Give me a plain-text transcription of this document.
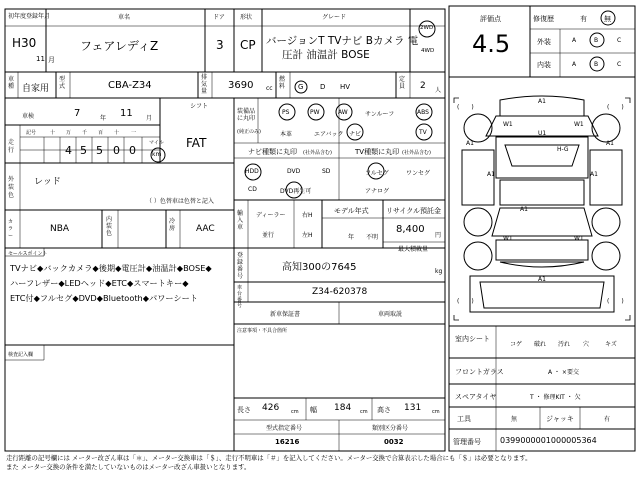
初年度登録年月
H30
11 月
車名
フェアレディZ
ドア
3
形状
CP
グレード
バージョンT TVナビ Bカメラ 電
圧計 油温計 BOSE
2WD
4WD
車種 自家用
型式	CBA-Z34
排気量
3690 cc
燃料	G D HV
定員	2 人
車検	7	年 11 月
シフト
FAT
走行
記号	十 万 千 百 十 一
4 5 5 0 0
マイル
km
外装色
レッド
（ ）色替車は色替と記入
カラー
NBA
内装色
冷房	AAC
セールスポイント
TVナビ◆バックカメラ◆後期◆電圧計◆油温計◆BOSE◆
ハーフレザー◆LEDヘッド◆ETC◆スマートキー◆
ETC付◆フルセグ◆DVD◆Bluetooth◆パワーシート
検査記入欄
装備品に丸印
(純正のみ)
PS	PW	AW	サンルーフ	ABS
本革	エアバック ナビ	TV
ナビ種類に丸印 (社外品含む)
HDD	DVD	SD
CD	DVD再生可
TV種類に丸印 (社外品含む)
フルセグ	ワンセグ
アナログ
輸入車
ディーラー
並行
右H
左H
モデル年式
年 不明
リサイクル預託金
8,400
円
最大積載量
kg
登録番号
高知300の7645
車台番号
Z34-620378
新車保証書	車両取説
注意事項・不具合箇所
長さ 426 cm 幅 184 cm 高さ 131 cm
型式指定番号
16216
類別区分番号
0032
評価点
4.5
修復歴	有 無
外装	A	B	C
内装	A	B	C
A1
W1	W1
A1	A1
U1
A1	A1
A1
W1	W1
A1
H-G
(　　)	(　　)
(　　)	(　　)
室内シート
コゲ 破れ 汚れ 穴	キズ
フロントガラス	A ・ ×要交
スペアタイヤ	T ・ 修理KIT ・ 欠
工具	無	ジャッキ	有
管理番号 0399000001000005364
走行距離の記号欄には メーター改ざん車は「＊」、メーター交換車は「＄」、走行不明車は「＃」を記入してください。メーター交換で合算表示した場合にも「＄」は必要となります。
また メーター交換の条件を満たしていないものはメーター改ざん車扱いとなります。
